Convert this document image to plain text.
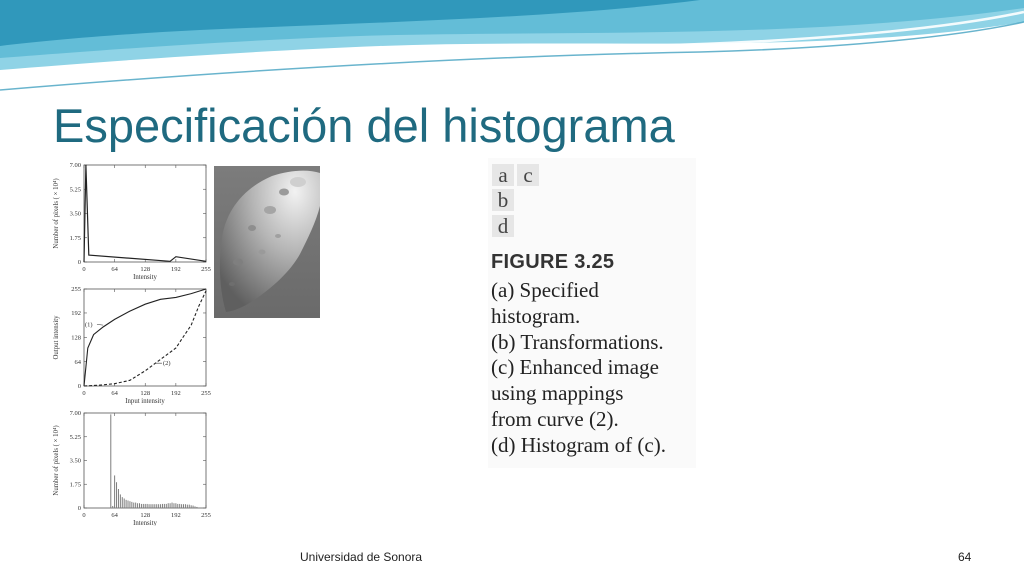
Especificación del histograma
0	64	128	192	255
0
1.75
3.50
5.25
7.00
Intensity
Number of pixels ( × 10⁴)
0	64	128	192	255
0
64
128
192
255
Input intensity
Output intensity	(1)
(2)
0	64	128	192	255
0
1.75
3.50
5.25
7.00
Intensity
Number of pixels ( × 10⁴)
a c
b
d

FIGURE 3.25

(a) Specified
histogram.
(b) Transformations.
(c) Enhanced image
using mappings
from curve (2).
(d) Histogram of (c).
Universidad de Sonora	64
